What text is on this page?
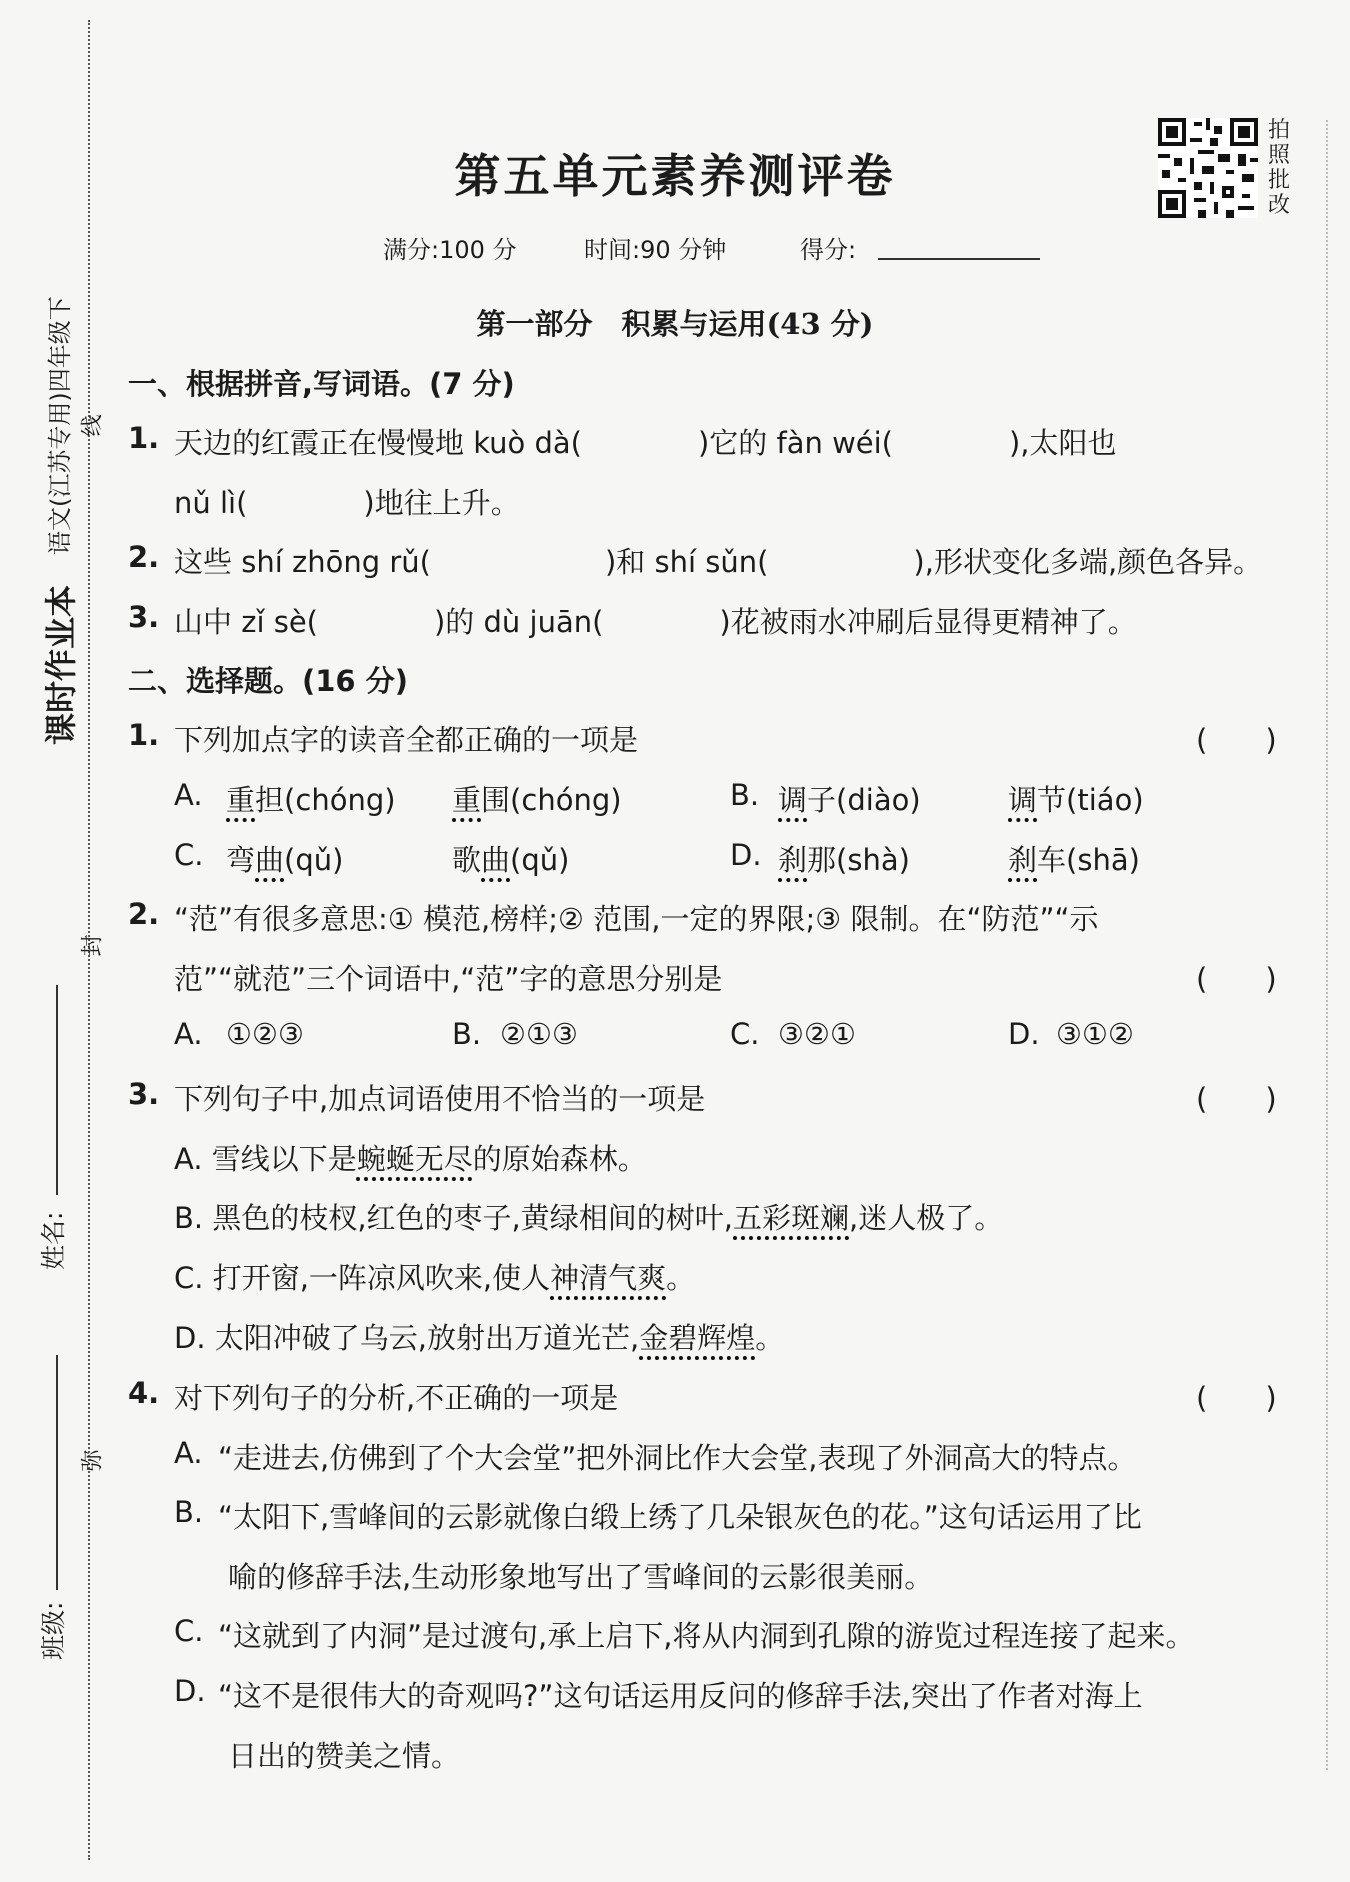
课时作业本
语文(江苏专用)四年级下 线
封
弥
姓名:
班级:
第五单元素养测评卷
拍照批改
满分:100 分	时间:90 分钟	得分:
第一部分　积累与运用(43 分)
一、根据拼音,写词语。(7 分)
1. 天边的红霞正在慢慢地 kuò dà(　　　　)它的 fàn wéi(　　　　),太阳也
nǔ lì(　　　　)地往上升。
2. 这些 shí zhōng rǔ(　　　　　　)和 shí sǔn(　　　　　),形状变化多端,颜色各异。
3. 山中 zǐ sè(　　　　)的 dù juān(　　　　)花被雨水冲刷后显得更精神了。
二、选择题。(16 分)
1. 下列加点字的读音全都正确的一项是	(　　)
A. 重担(chóng) 重围(chóng)	B. 调子(diào)	调节(tiáo)
C. 弯曲(qǔ)	歌曲(qǔ)	D. 刹那(shà)	刹车(shā)
2. “范”有很多意思:① 模范,榜样;② 范围,一定的界限;③ 限制。在“防范”“示
范”“就范”三个词语中,“范”字的意思分别是	(　　)
A. ①②③	B. ②①③	C. ③②①	D. ③①②
3. 下列句子中,加点词语使用不恰当的一项是	(　　)
A. 雪线以下是蜿蜒无尽的原始森林。
B. 黑色的枝杈,红色的枣子,黄绿相间的树叶,五彩斑斓,迷人极了。
C. 打开窗,一阵凉风吹来,使人神清气爽。
D. 太阳冲破了乌云,放射出万道光芒,金碧辉煌。
4. 对下列句子的分析,不正确的一项是	(　　)
A. “走进去,仿佛到了个大会堂”把外洞比作大会堂,表现了外洞高大的特点。
B. “太阳下,雪峰间的云影就像白缎上绣了几朵银灰色的花。”这句话运用了比
喻的修辞手法,生动形象地写出了雪峰间的云影很美丽。
C. “这就到了内洞”是过渡句,承上启下,将从内洞到孔隙的游览过程连接了起来。
D. “这不是很伟大的奇观吗?”这句话运用反问的修辞手法,突出了作者对海上
日出的赞美之情。
